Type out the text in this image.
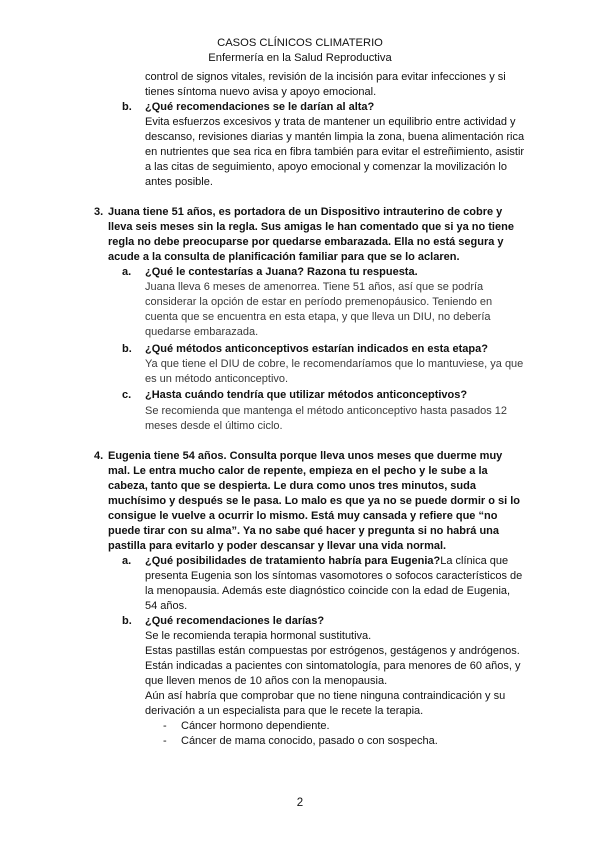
CASOS CLÍNICOS CLIMATERIO
Enfermería en la Salud Reproductiva
control de signos vitales, revisión de la incisión para evitar infecciones y si
tienes síntoma nuevo avisa y apoyo emocional.
b. ¿Qué recomendaciones se le darían al alta?
Evita esfuerzos excesivos y trata de mantener un equilibrio entre actividad y
descanso, revisiones diarias y mantén limpia la zona, buena alimentación rica
en nutrientes que sea rica en fibra también para evitar el estreñimiento, asistir
a las citas de seguimiento, apoyo emocional y comenzar la movilización lo
antes posible.
3. Juana tiene 51 años, es portadora de un Dispositivo intrauterino de cobre y
lleva seis meses sin la regla. Sus amigas le han comentado que si ya no tiene
regla no debe preocuparse por quedarse embarazada. Ella no está segura y
acude a la consulta de planificación familiar para que se lo aclaren.
a. ¿Qué le contestarías a Juana? Razona tu respuesta.
Juana lleva 6 meses de amenorrea. Tiene 51 años, así que se podría
considerar la opción de estar en período premenopáusico. Teniendo en
cuenta que se encuentra en esta etapa, y que lleva un DIU, no debería
quedarse embarazada.
b. ¿Qué métodos anticonceptivos estarían indicados en esta etapa?
Ya que tiene el DIU de cobre, le recomendaríamos que lo mantuviese, ya que
es un método anticonceptivo.
c. ¿Hasta cuándo tendría que utilizar métodos anticonceptivos?
Se recomienda que mantenga el método anticonceptivo hasta pasados 12
meses desde el último ciclo.
4. Eugenia tiene 54 años. Consulta porque lleva unos meses que duerme muy
mal. Le entra mucho calor de repente, empieza en el pecho y le sube a la
cabeza, tanto que se despierta. Le dura como unos tres minutos, suda
muchísimo y después se le pasa. Lo malo es que ya no se puede dormir o si lo
consigue le vuelve a ocurrir lo mismo. Está muy cansada y refiere que “no
puede tirar con su alma”. Ya no sabe qué hacer y pregunta si no habrá una
pastilla para evitarlo y poder descansar y llevar una vida normal.
a. ¿Qué posibilidades de tratamiento habría para Eugenia?La clínica que
presenta Eugenia son los síntomas vasomotores o sofocos característicos de
la menopausia. Además este diagnóstico coincide con la edad de Eugenia,
54 años.
b. ¿Qué recomendaciones le darías?
Se le recomienda terapia hormonal sustitutiva.
Estas pastillas están compuestas por estrógenos, gestágenos y andrógenos.
Están indicadas a pacientes con sintomatología, para menores de 60 años, y
que lleven menos de 10 años con la menopausia.
Aún así habría que comprobar que no tiene ninguna contraindicación y su
derivación a un especialista para que le recete la terapia.
- Cáncer hormono dependiente.
- Cáncer de mama conocido, pasado o con sospecha.
2
